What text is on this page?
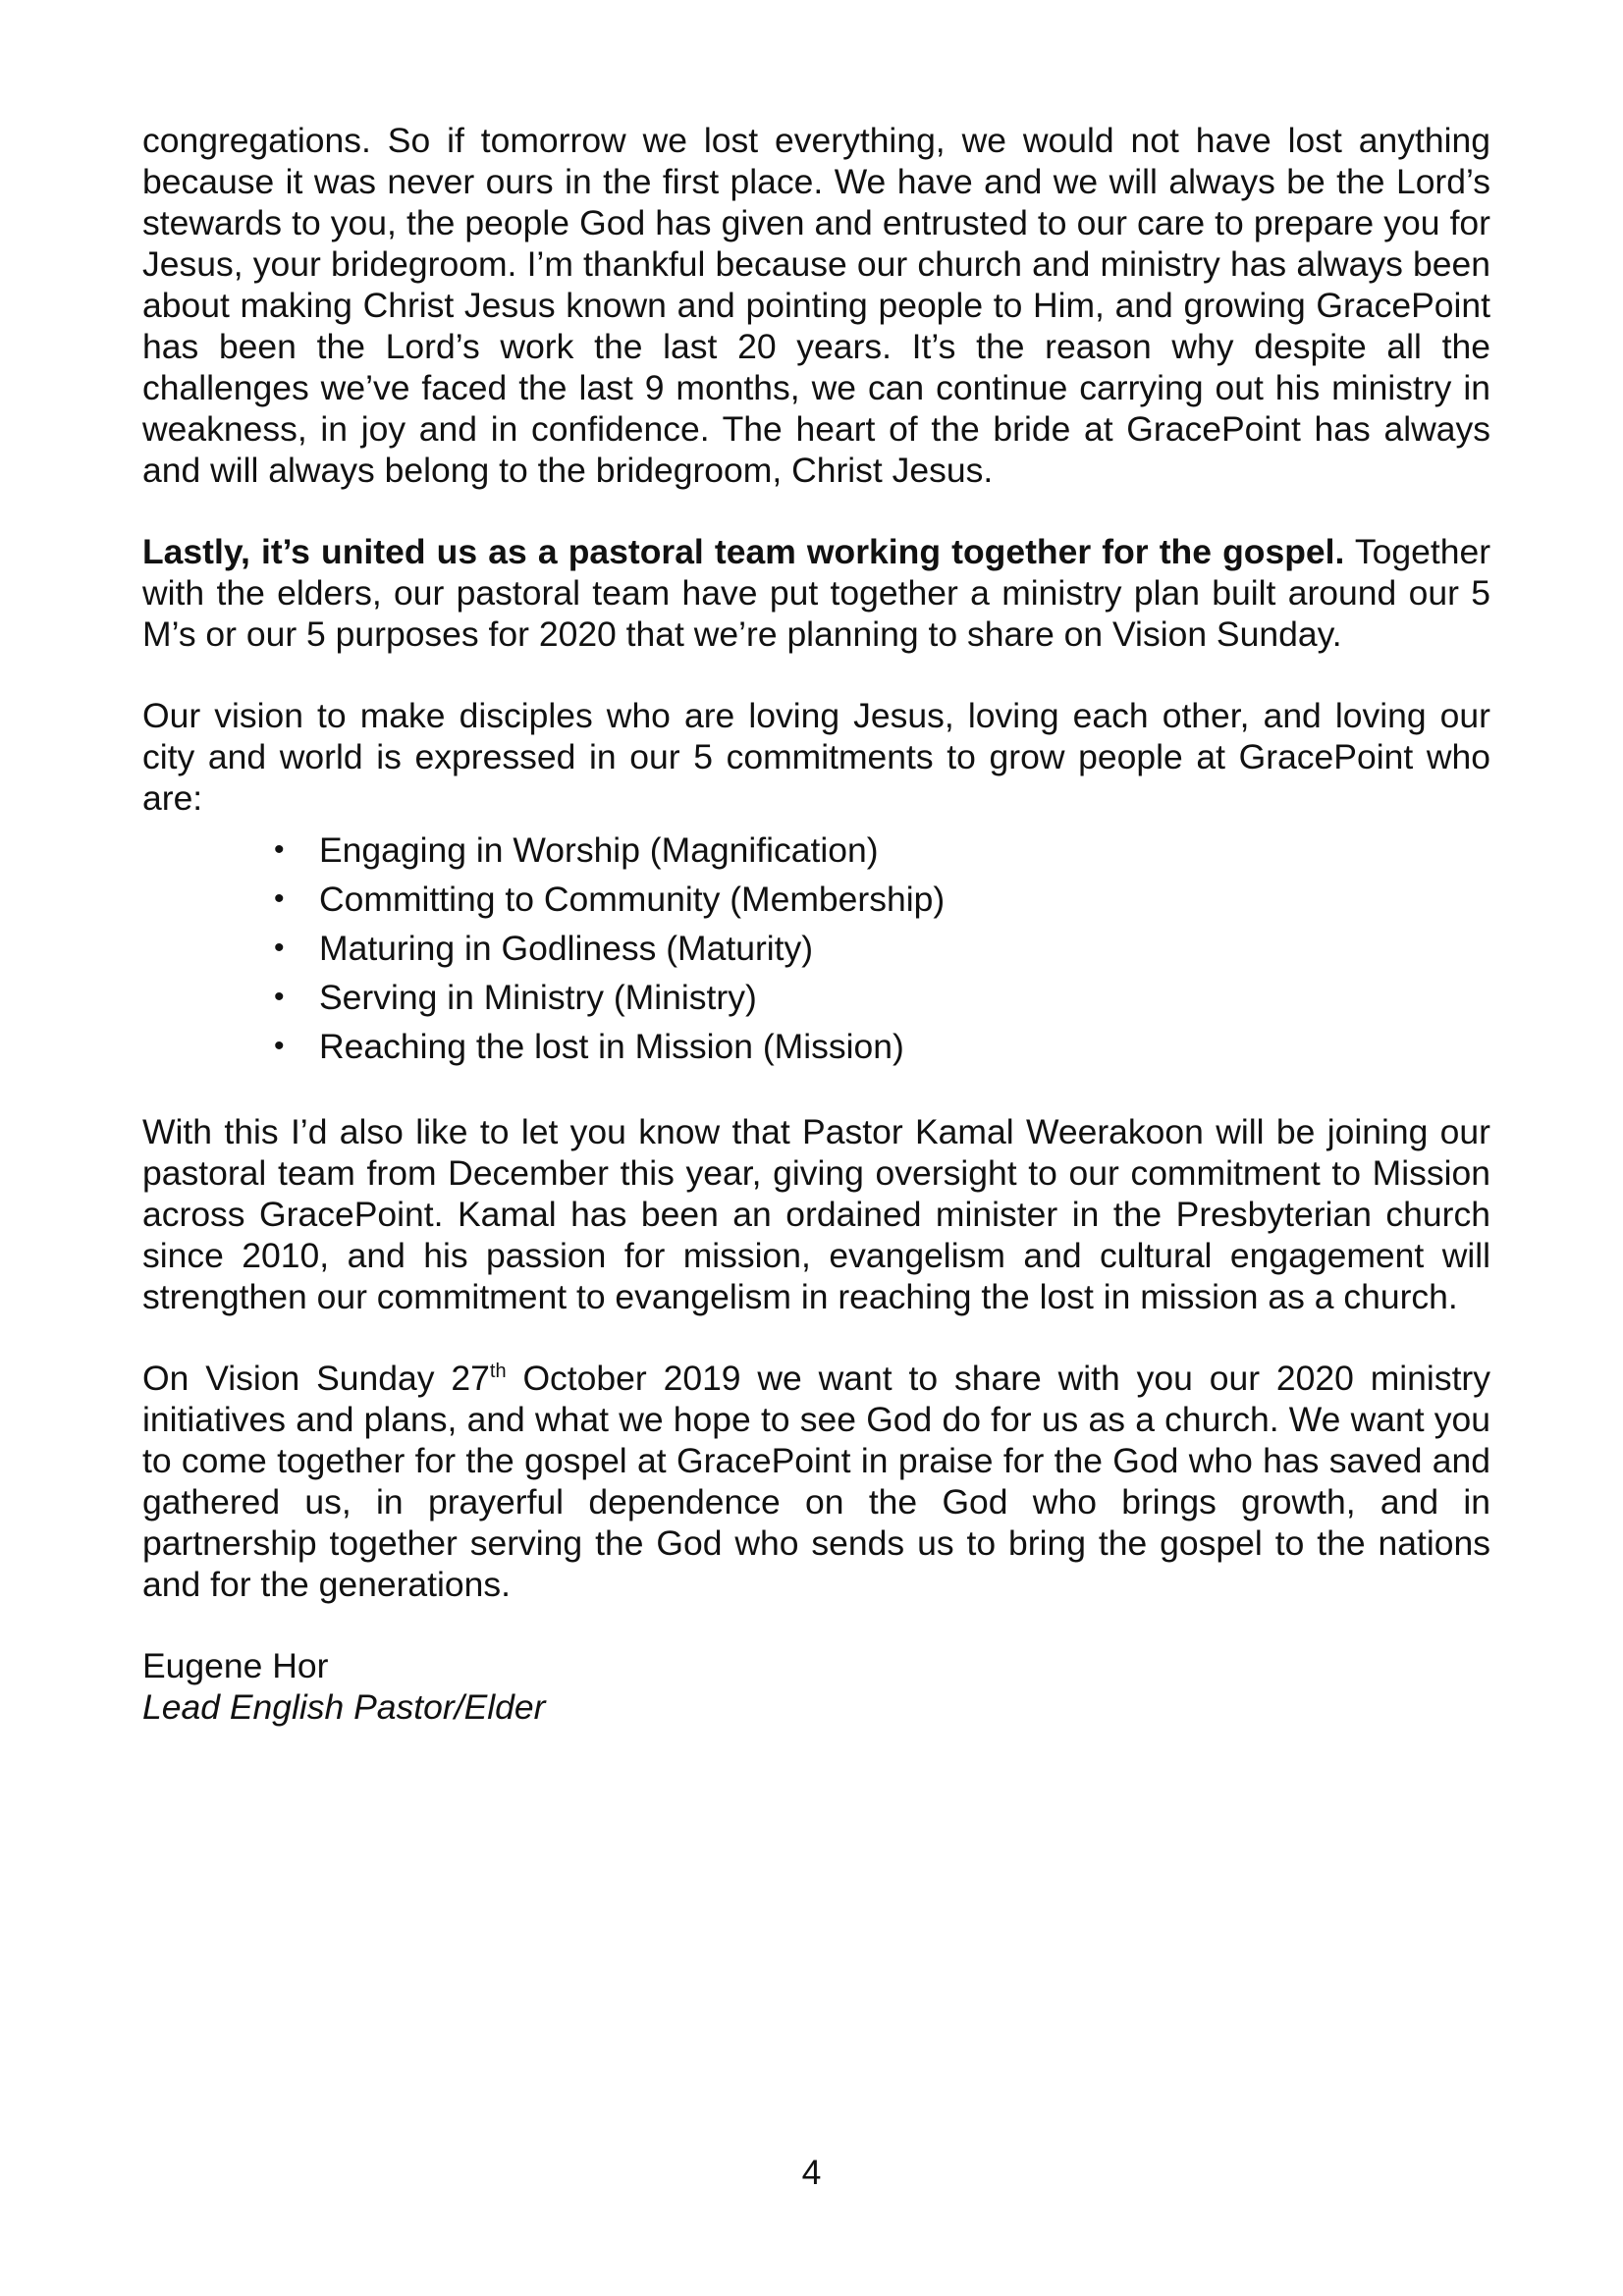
congregations. So if tomorrow we lost everything, we would not have lost anything because it was never ours in the first place. We have and we will always be the Lord’s stewards to you, the people God has given and entrusted to our care to prepare you for Jesus, your bridegroom. I’m thankful because our church and ministry has always been about making Christ Jesus known and pointing people to Him, and growing GracePoint has been the Lord’s work the last 20 years. It’s the reason why despite all the challenges we’ve faced the last 9 months, we can continue carrying out his ministry in weakness, in joy and in confidence. The heart of the bride at GracePoint has always and will always belong to the bridegroom, Christ Jesus.

Lastly, it’s united us as a pastoral team working together for the gospel. Together with the elders, our pastoral team have put together a ministry plan built around our 5 M’s or our 5 purposes for 2020 that we’re planning to share on Vision Sunday.

Our vision to make disciples who are loving Jesus, loving each other, and loving our city and world is expressed in our 5 commitments to grow people at GracePoint who are:

• Engaging in Worship (Magnification)
• Committing to Community (Membership)
• Maturing in Godliness (Maturity)
• Serving in Ministry (Ministry)
• Reaching the lost in Mission (Mission)

With this I’d also like to let you know that Pastor Kamal Weerakoon will be joining our pastoral team from December this year, giving oversight to our commitment to Mission across GracePoint. Kamal has been an ordained minister in the Presbyterian church since 2010, and his passion for mission, evangelism and cultural engagement will strengthen our commitment to evangelism in reaching the lost in mission as a church.

On Vision Sunday 27th October 2019 we want to share with you our 2020 ministry initiatives and plans, and what we hope to see God do for us as a church. We want you to come together for the gospel at GracePoint in praise for the God who has saved and gathered us, in prayerful dependence on the God who brings growth, and in partnership together serving the God who sends us to bring the gospel to the nations and for the generations.

Eugene Hor

Lead English Pastor/Elder

4
